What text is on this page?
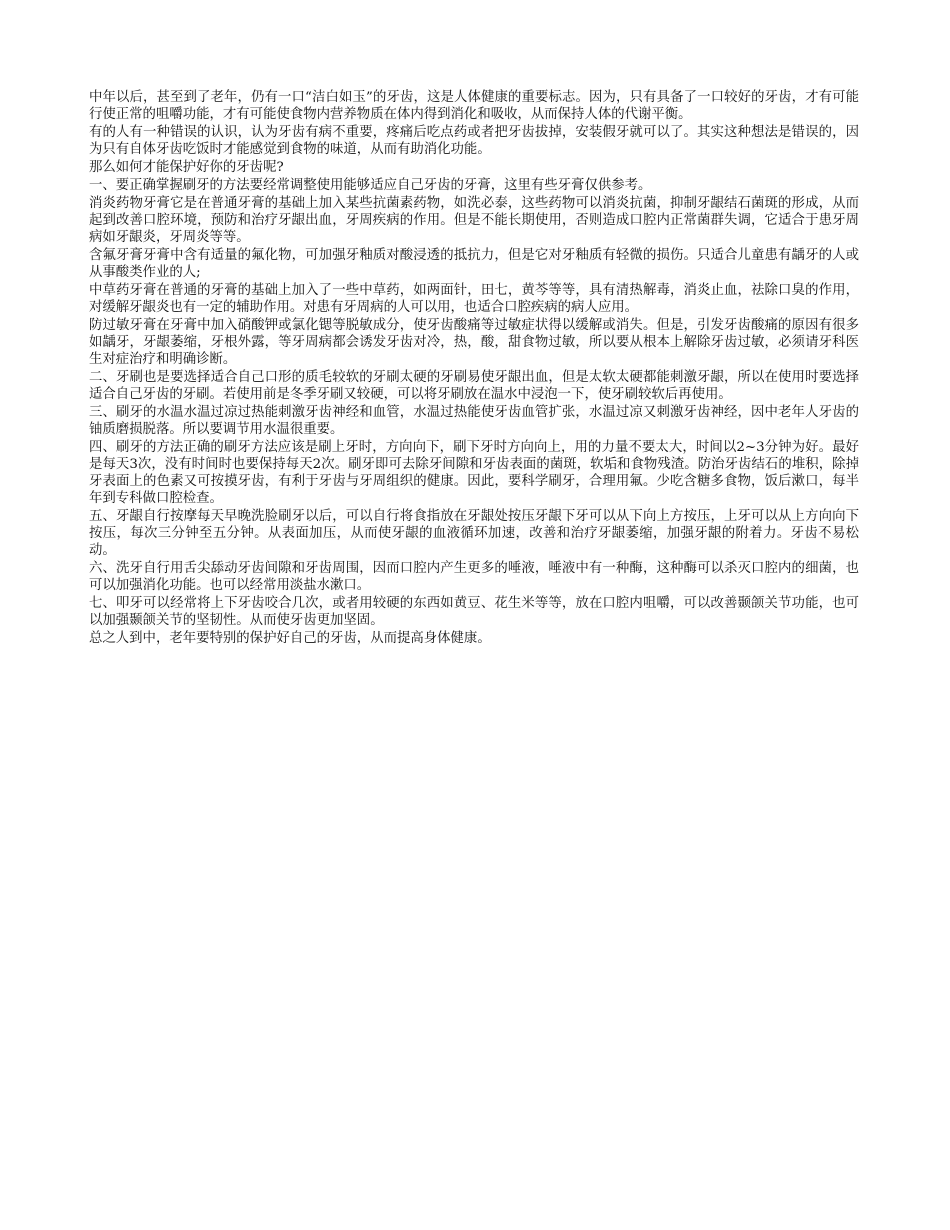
中年以后，甚至到了老年，仍有一口“洁白如玉”的牙齿，这是人体健康的重要标志。因为，只有具备了一口较好的牙齿，才有可能行使正常的咀嚼功能，才有可能使食物内营养物质在体内得到消化和吸收，从而保持人体的代谢平衡。

有的人有一种错误的认识，认为牙齿有病不重要，疼痛后吃点药或者把牙齿拔掉，安装假牙就可以了。其实这种想法是错误的，因为只有自体牙齿吃饭时才能感觉到食物的味道，从而有助消化功能。

那么如何才能保护好你的牙齿呢?

一、要正确掌握刷牙的方法要经常调整使用能够适应自己牙齿的牙膏，这里有些牙膏仅供参考。

消炎药物牙膏它是在普通牙膏的基础上加入某些抗菌素药物，如洗必泰，这些药物可以消炎抗菌，抑制牙龈结石菌斑的形成，从而起到改善口腔环境，预防和治疗牙龈出血，牙周疾病的作用。但是不能长期使用，否则造成口腔内正常菌群失调，它适合于患牙周病如牙龈炎，牙周炎等等。

含氟牙膏牙膏中含有适量的氟化物，可加强牙釉质对酸浸透的抵抗力，但是它对牙釉质有轻微的损伤。只适合儿童患有龋牙的人或从事酸类作业的人;

中草药牙膏在普通的牙膏的基础上加入了一些中草药，如两面针，田七，黄芩等等，具有清热解毒，消炎止血，祛除口臭的作用，对缓解牙龈炎也有一定的辅助作用。对患有牙周病的人可以用，也适合口腔疾病的病人应用。

防过敏牙膏在牙膏中加入硝酸钾或氯化锶等脱敏成分，使牙齿酸痛等过敏症状得以缓解或消失。但是，引发牙齿酸痛的原因有很多如龋牙，牙龈萎缩，牙根外露，等牙周病都会诱发牙齿对冷，热，酸，甜食物过敏，所以要从根本上解除牙齿过敏，必须请牙科医生对症治疗和明确诊断。

二、牙刷也是要选择适合自己口形的质毛较软的牙刷太硬的牙刷易使牙龈出血，但是太软太硬都能刺激牙龈，所以在使用时要选择适合自己牙齿的牙刷。若使用前是冬季牙刷又较硬，可以将牙刷放在温水中浸泡一下，使牙刷较软后再使用。

三、刷牙的水温水温过凉过热能刺激牙齿神经和血管，水温过热能使牙齿血管扩张，水温过凉又刺激牙齿神经，因中老年人牙齿的铀质磨损脱落。所以要调节用水温很重要。

四、刷牙的方法正确的刷牙方法应该是刷上牙时，方向向下，刷下牙时方向向上，用的力量不要太大，时间以2~3分钟为好。最好是每天3次，没有时间时也要保持每天2次。刷牙即可去除牙间隙和牙齿表面的菌斑，软垢和食物残渣。防治牙齿结石的堆积，除掉牙表面上的色素又可按摸牙齿，有利于牙齿与牙周组织的健康。因此，要科学刷牙，合理用氟。少吃含糖多食物，饭后漱口，每半年到专科做口腔检查。

五、牙龈自行按摩每天早晚洗脸刷牙以后，可以自行将食指放在牙龈处按压牙龈下牙可以从下向上方按压，上牙可以从上方向向下按压，每次三分钟至五分钟。从表面加压，从而使牙龈的血液循环加速，改善和治疗牙龈萎缩，加强牙龈的附着力。牙齿不易松动。

六、洗牙自行用舌尖舔动牙齿间隙和牙齿周围，因而口腔内产生更多的唾液，唾液中有一种酶，这种酶可以杀灭口腔内的细菌，也可以加强消化功能。也可以经常用淡盐水漱口。

七、叩牙可以经常将上下牙齿咬合几次，或者用较硬的东西如黄豆、花生米等等，放在口腔内咀嚼，可以改善颞颌关节功能，也可以加强颞颌关节的坚韧性。从而使牙齿更加坚固。

总之人到中，老年要特别的保护好自己的牙齿，从而提高身体健康。
